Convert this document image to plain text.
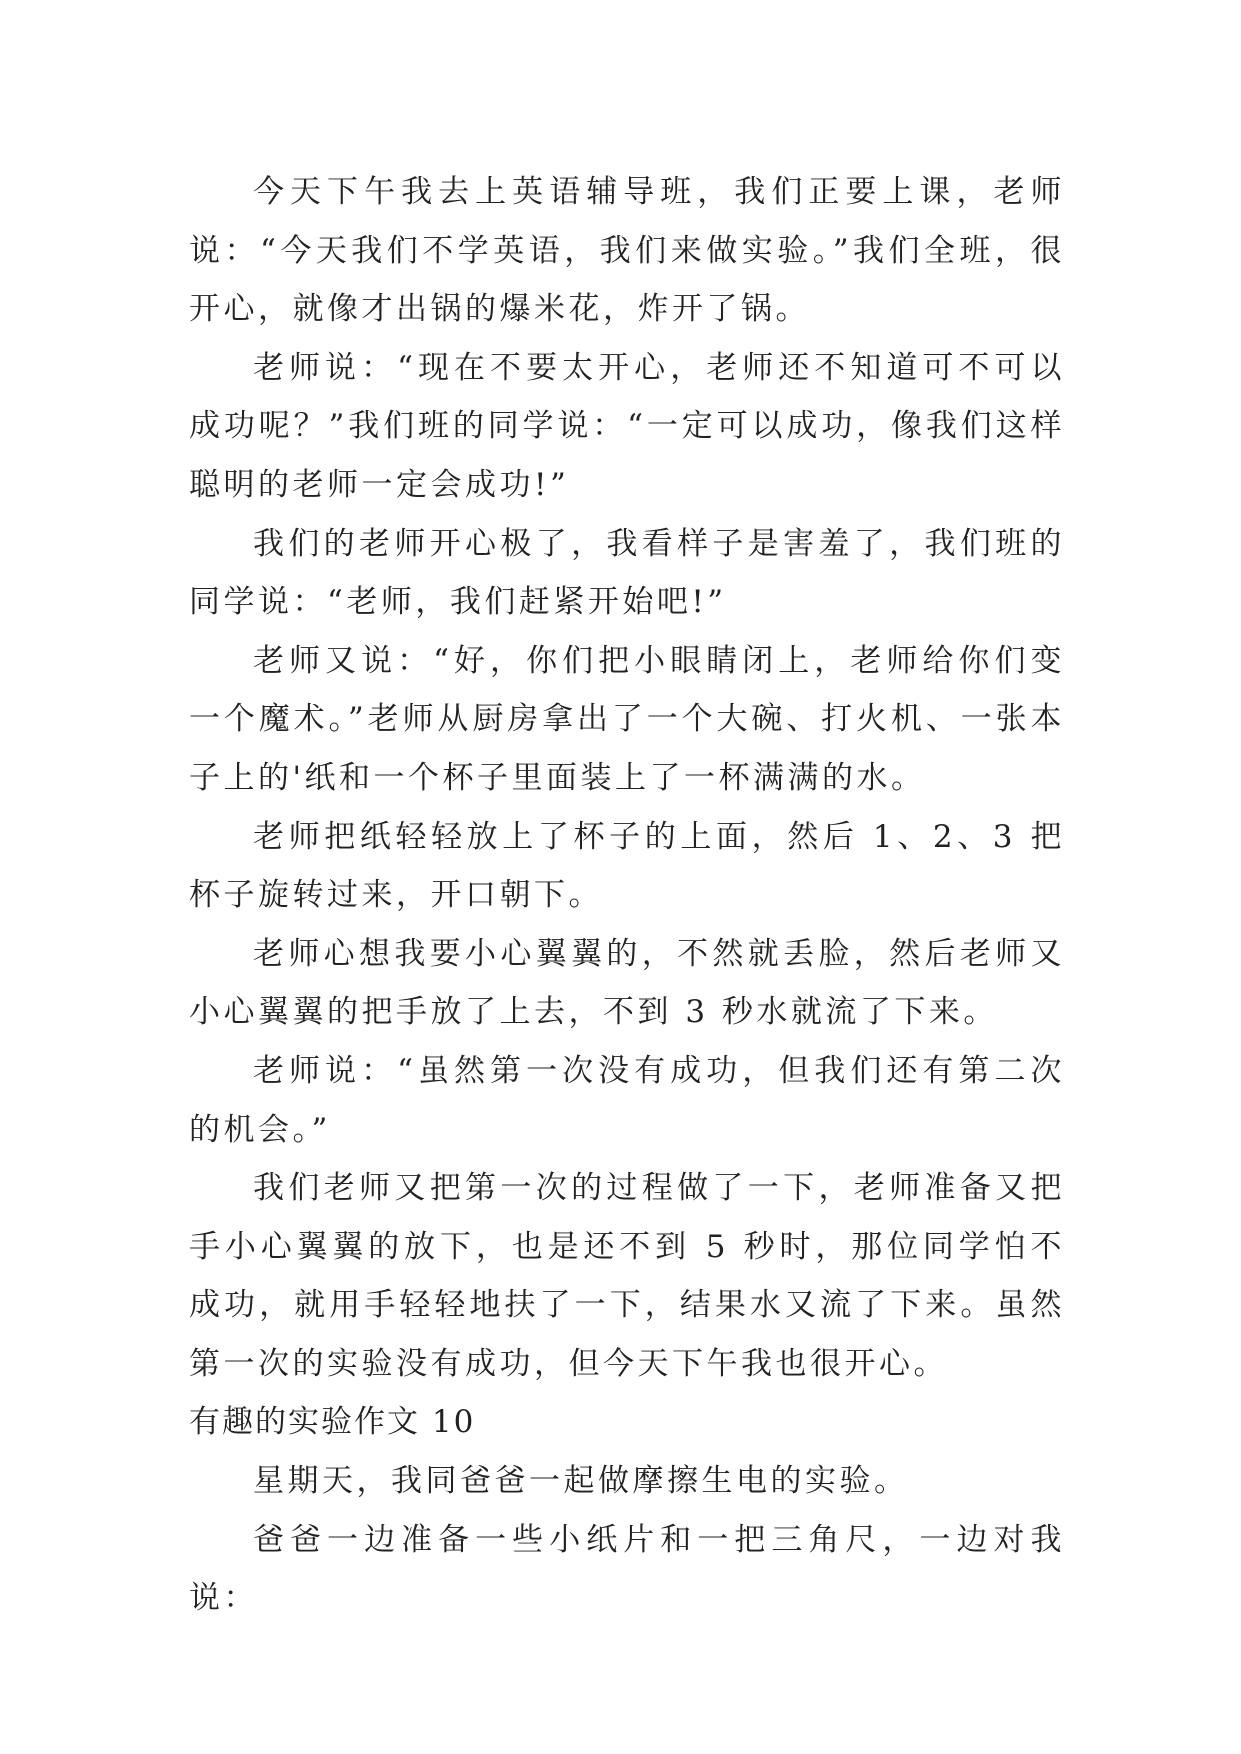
今天下午我去上英语辅导班，我们正要上课，老师说：“今天我们不学英语，我们来做实验。”我们全班，很开心，就像才出锅的爆米花，炸开了锅。

老师说：“现在不要太开心，老师还不知道可不可以成功呢？”我们班的同学说：“一定可以成功，像我们这样聪明的老师一定会成功!”

我们的老师开心极了，我看样子是害羞了，我们班的同学说：“老师，我们赶紧开始吧!”

老师又说：“好，你们把小眼睛闭上，老师给你们变一个魔术。”老师从厨房拿出了一个大碗、打火机、一张本子上的'纸和一个杯子里面装上了一杯满满的水。

老师把纸轻轻放上了杯子的上面，然后 1、2、3 把杯子旋转过来，开口朝下。

老师心想我要小心翼翼的，不然就丢脸，然后老师又小心翼翼的把手放了上去，不到 3 秒水就流了下来。

老师说：“虽然第一次没有成功，但我们还有第二次的机会。”

我们老师又把第一次的过程做了一下，老师准备又把手小心翼翼的放下，也是还不到 5 秒时，那位同学怕不成功，就用手轻轻地扶了一下，结果水又流了下来。虽然第一次的实验没有成功，但今天下午我也很开心。

有趣的实验作文 10

星期天，我同爸爸一起做摩擦生电的实验。

爸爸一边准备一些小纸片和一把三角尺，一边对我说：
